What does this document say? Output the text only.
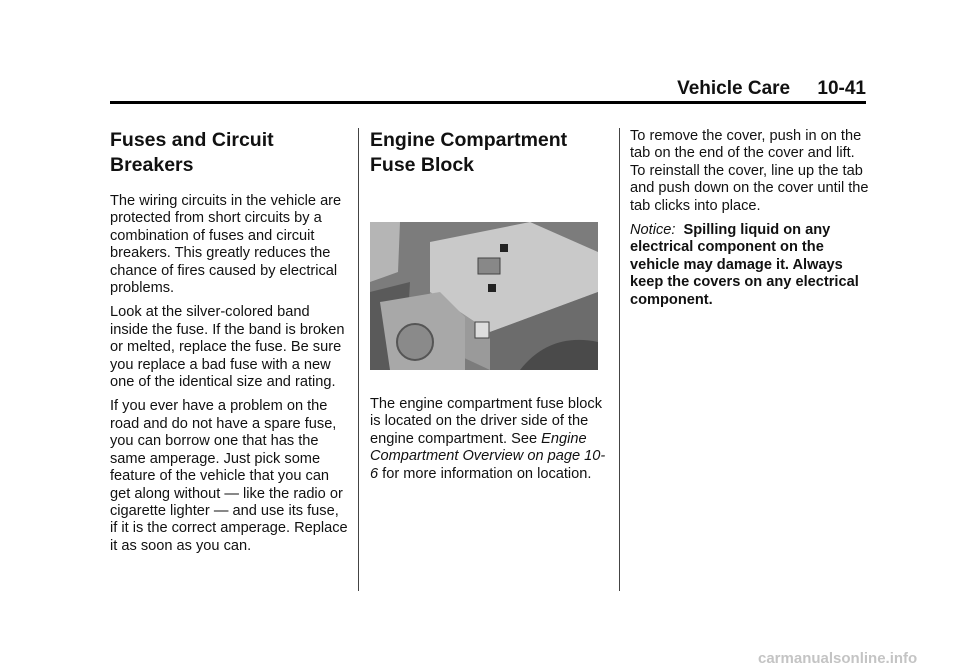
Vehicle Care 10-41
Fuses and Circuit Breakers

The wiring circuits in the vehicle are protected from short circuits by a combination of fuses and circuit breakers. This greatly reduces the chance of fires caused by electrical problems.

Look at the silver-colored band inside the fuse. If the band is broken or melted, replace the fuse. Be sure you replace a bad fuse with a new one of the identical size and rating.

If you ever have a problem on the road and do not have a spare fuse, you can borrow one that has the same amperage. Just pick some feature of the vehicle that you can get along without — like the radio or cigarette lighter — and use its fuse, if it is the correct amperage. Replace it as soon as you can.

Engine Compartment Fuse Block

The engine compartment fuse block is located on the driver side of the engine compartment. See Engine Compartment Overview on page 10-6 for more information on location.

To remove the cover, push in on the tab on the end of the cover and lift. To reinstall the cover, line up the tab and push down on the cover until the tab clicks into place.

Notice: Spilling liquid on any electrical component on the vehicle may damage it. Always keep the covers on any electrical component.

carmanualsonline.info
